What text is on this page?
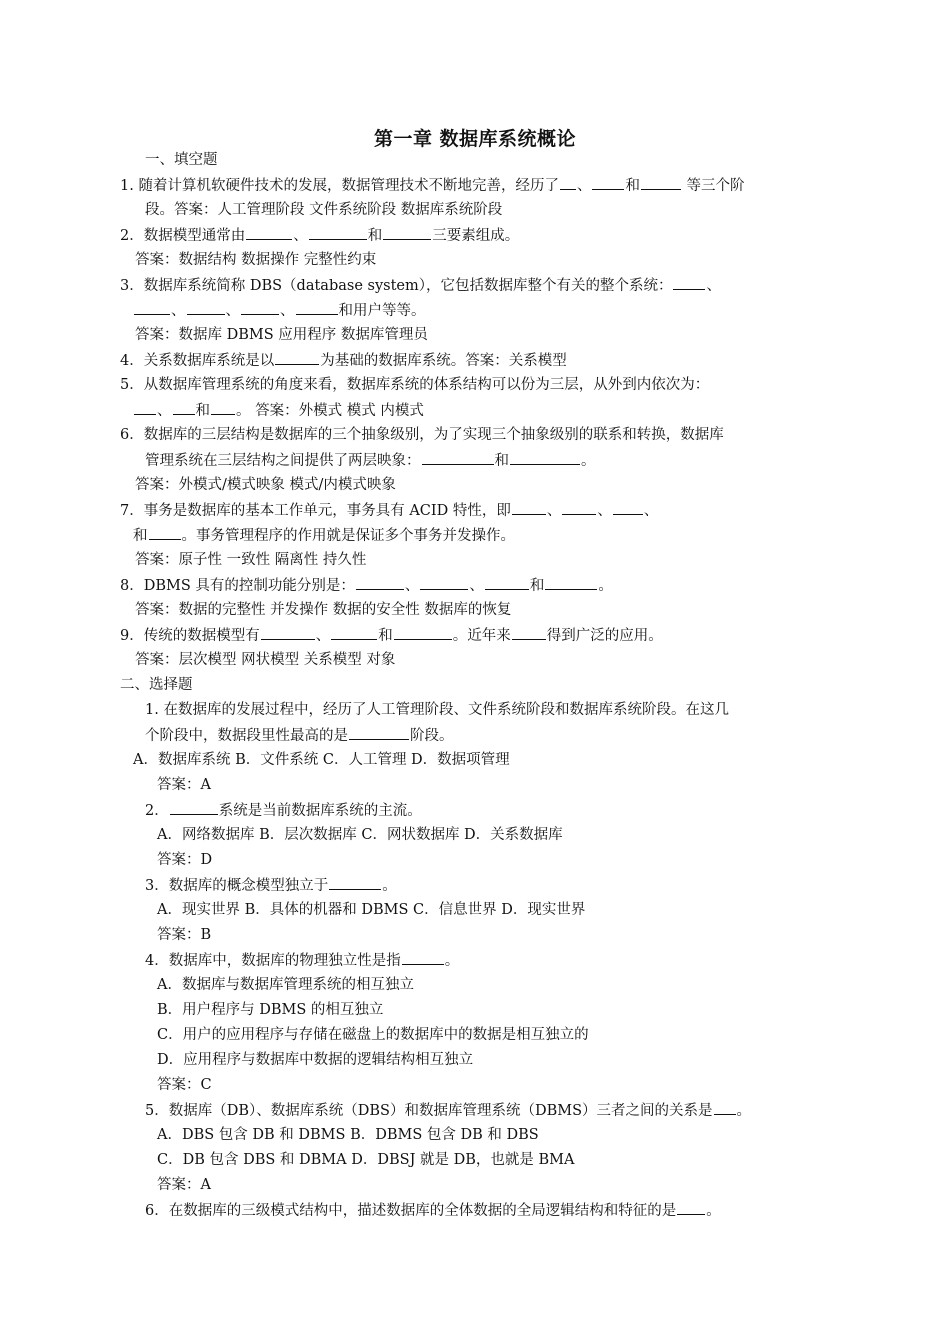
第一章 数据库系统概论
一、填空题
1. 随着计算机软硬件技术的发展，数据管理技术不断地完善，经历了 、 和	等三个阶
段。答案：人工管理阶段 文件系统阶段 数据库系统阶段
2．数据模型通常由	、	和	三要素组成。
答案：数据结构 数据操作 完整性约束
3．数据库系统简称 DBS（database system），它包括数据库整个有关的整个系统： 、
、	、	、	和用户等等。
答案：数据库 DBMS 应用程序 数据库管理员
4．关系数据库系统是以	为基础的数据库系统。答案：关系模型
5．从数据库管理系统的角度来看，数据库系统的体系结构可以份为三层，从外到内依次为：
、 和 。 答案：外模式 模式 内模式
6．数据库的三层结构是数据库的三个抽象级别，为了实现三个抽象级别的联系和转换，数据库
管理系统在三层结构之间提供了两层映象：	和	。
答案：外模式/模式映象 模式/内模式映象
7．事务是数据库的基本工作单元，事务具有 ACID 特性，即 、 、 、
和 。事务管理程序的作用就是保证多个事务并发操作。
答案：原子性 一致性 隔离性 持久性
8．DBMS 具有的控制功能分别是：	、	、	和	。
答案：数据的完整性 并发操作 数据的安全性 数据库的恢复
9．传统的数据模型有	、	和	。近年来 得到广泛的应用。
答案：层次模型 网状模型 关系模型 对象
二、选择题
1. 在数据库的发展过程中，经历了人工管理阶段、文件系统阶段和数据库系统阶段。在这几
个阶段中，数据段里性最高的是	阶段。
A．数据库系统 B．文件系统 C．人工管理 D．数据项管理
答案：A
2．	系统是当前数据库系统的主流。
A．网络数据库 B．层次数据库 C．网状数据库 D．关系数据库
答案：D
3．数据库的概念模型独立于	。
A．现实世界 B．具体的机器和 DBMS C．信息世界 D．现实世界
答案：B
4．数据库中，数据库的物理独立性是指	。
A．数据库与数据库管理系统的相互独立
B．用户程序与 DBMS 的相互独立
C．用户的应用程序与存储在磁盘上的数据库中的数据是相互独立的
D．应用程序与数据库中数据的逻辑结构相互独立
答案：C
5．数据库（DB）、数据库系统（DBS）和数据库管理系统（DBMS）三者之间的关系是 。
A．DBS 包含 DB 和 DBMS B．DBMS 包含 DB 和 DBS
C．DB 包含 DBS 和 DBMA D．DBSJ 就是 DB，也就是 BMA
答案：A
6．在数据库的三级模式结构中，描述数据库的全体数据的全局逻辑结构和特征的是 。
